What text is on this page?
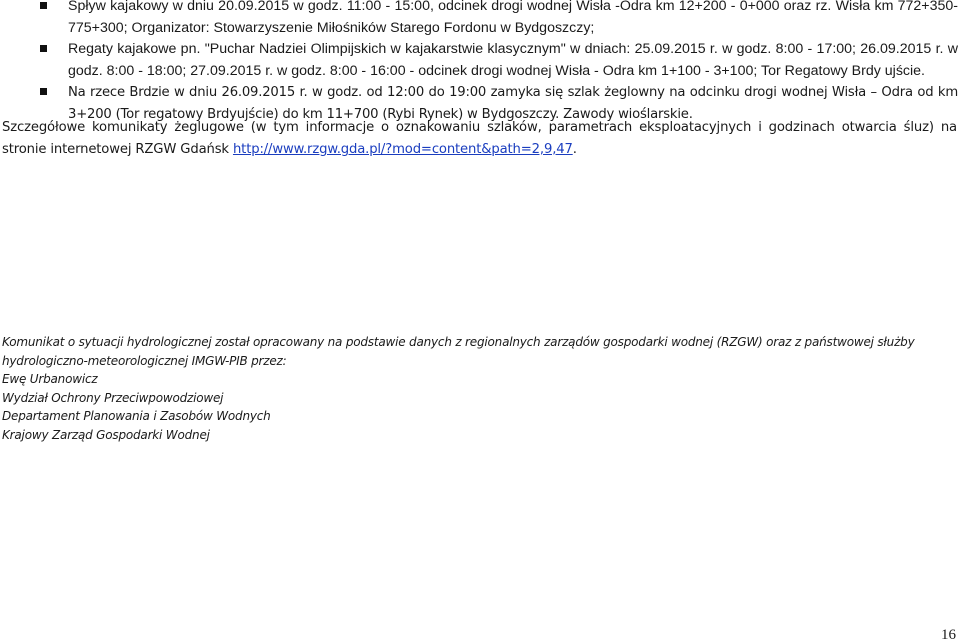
Spływ kajakowy w dniu 20.09.2015 w godz. 11:00 - 15:00, odcinek drogi wodnej Wisła -Odra km 12+200 - 0+000 oraz rz. Wisła km 772+350-775+300; Organizator: Stowarzyszenie Miłośników Starego Fordonu w Bydgoszczy;
Regaty kajakowe pn. "Puchar Nadziei Olimpijskich w kajakarstwie klasycznym" w dniach: 25.09.2015 r. w godz. 8:00 - 17:00; 26.09.2015 r. w godz. 8:00 - 18:00; 27.09.2015 r. w godz. 8:00 - 16:00 - odcinek drogi wodnej Wisła - Odra km 1+100 - 3+100; Tor Regatowy Brdy ujście.
Na rzece Brdzie w dniu 26.09.2015 r. w godz. od 12:00 do 19:00 zamyka się szlak żeglowny na odcinku drogi wodnej Wisła – Odra od km 3+200 (Tor regatowy Brdyujście) do km 11+700 (Rybi Rynek) w Bydgoszczy. Zawody wioślarskie.

Szczegółowe komunikaty żeglugowe (w tym informacje o oznakowaniu szlaków, parametrach eksploatacyjnych i godzinach otwarcia śluz) na stronie internetowej RZGW Gdańsk http://www.rzgw.gda.pl/?mod=content&path=2,9,47.

Komunikat o sytuacji hydrologicznej został opracowany na podstawie danych z regionalnych zarządów gospodarki wodnej (RZGW) oraz z państwowej służby hydrologiczno-meteorologicznej IMGW-PIB przez:

Ewę Urbanowicz

Wydział Ochrony Przeciwpowodziowej

Departament Planowania i Zasobów Wodnych

Krajowy Zarząd Gospodarki Wodnej

16
